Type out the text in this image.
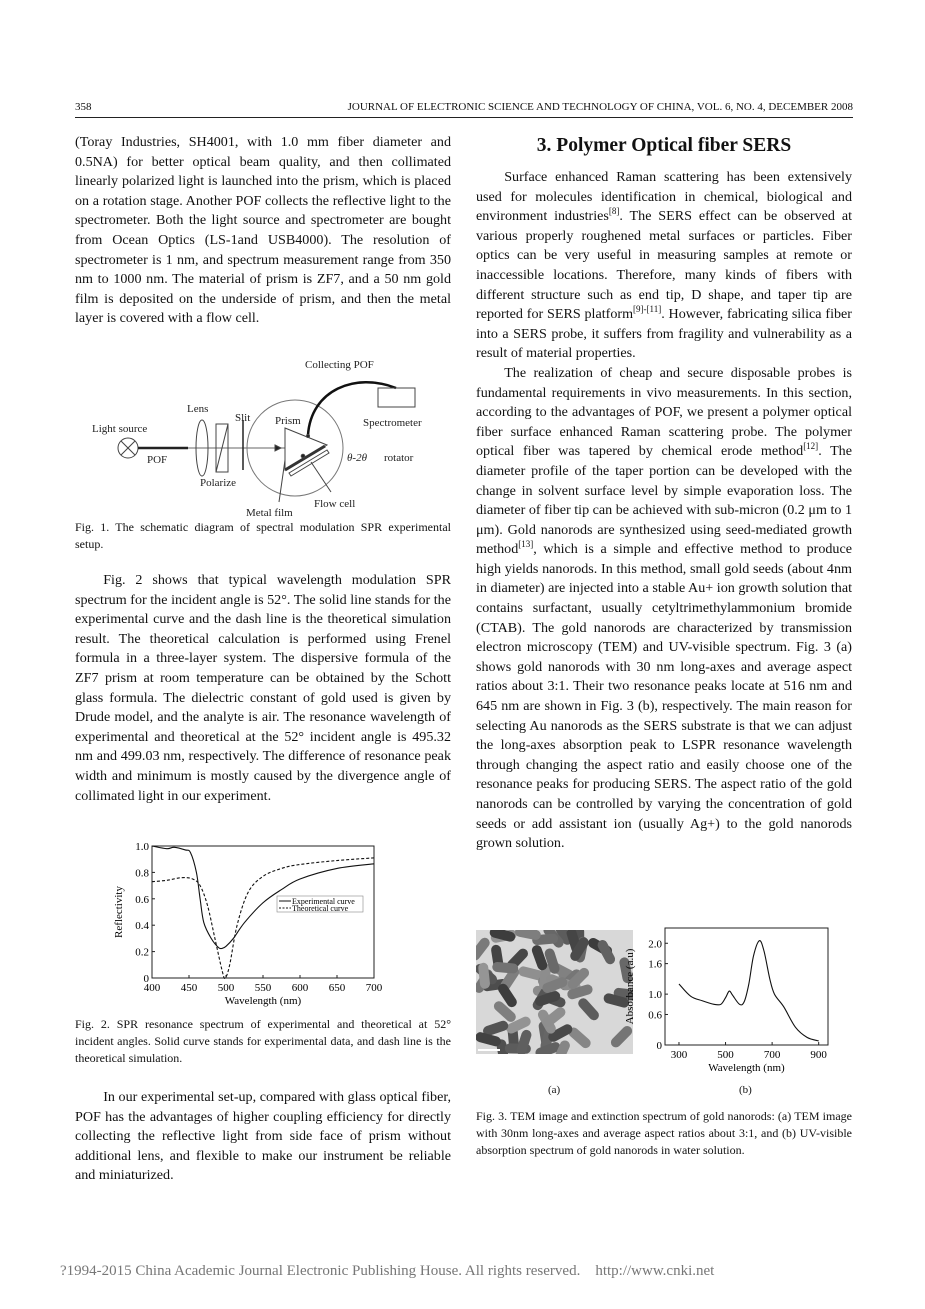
358	JOURNAL OF ELECTRONIC SCIENCE AND TECHNOLOGY OF CHINA, VOL. 6, NO. 4, DECEMBER 2008

(Toray Industries, SH4001, with 1.0 mm fiber diameter and 0.5NA) for better optical beam quality, and then collimated linearly polarized light is launched into the prism, which is placed on a rotation stage. Another POF collects the reflective light to the spectrometer. Both the light source and spectrometer are bought from Ocean Optics (LS-1and USB4000). The resolution of spectrometer is 1 nm, and spectrum measurement range from 350 nm to 1000 nm. The material of prism is ZF7, and a 50 nm gold film is deposited on the underside of prism, and then the metal layer is covered with a flow cell.

Collecting POF
Light source
POF
Lens
Slit Prism	Spectrometer
Polarize
θ-2θ rotator
Metal film
Flow cell
Fig. 1. The schematic diagram of spectral modulation SPR experimental setup.

Fig. 2 shows that typical wavelength modulation SPR spectrum for the incident angle is 52°. The solid line stands for the experimental curve and the dash line is the theoretical simulation result. The theoretical calculation is performed using Frenel formula in a three-layer system. The dispersive formula of the ZF7 prism at room temperature can be obtained by the Schott glass formula. The dielectric constant of gold used is given by Drude model, and the analyte is air. The resonance wavelength of experimental and theoretical at the 52° incident angle is 495.32 nm and 499.03 nm, respectively. The difference of resonance peak width and minimum is mostly caused by the divergence angle of collimated light in our experiment.

400 450 500 550 600 650 700
0
0.2
0.4
0.6
0.8
1.0
Wavelength (nm)
Reflectivity	Experimental curve
Theoretical curve
Fig. 2. SPR resonance spectrum of experimental and theoretical at 52° incident angles. Solid curve stands for experimental data, and dash line is the theoretical simulation.

In our experimental set-up, compared with glass optical fiber, POF has the advantages of higher coupling efficiency for directly collecting the reflective light from side face of prism without additional lens, and flexible to make our instrument be reliable and miniaturized.

3. Polymer Optical fiber SERS

Surface enhanced Raman scattering has been extensively used for molecules identification in chemical, biological and environment industries[8]. The SERS effect can be observed at various properly roughened metal surfaces or particles. Fiber optics can be very useful in measuring samples at remote or inaccessible locations. Therefore, many kinds of fibers with different structure such as end tip, D shape, and taper tip are reported for SERS platform[9]-[11]. However, fabricating silica fiber into a SERS probe, it suffers from fragility and vulnerability as a result of material properties.

The realization of cheap and secure disposable probes is fundamental requirements in vivo measurements. In this section, according to the advantages of POF, we present a polymer optical fiber surface enhanced Raman scattering probe. The polymer optical fiber was tapered by chemical erode method[12]. The diameter profile of the taper portion can be developed with the change in solvent surface level by simple evaporation loss. The diameter of fiber tip can be achieved with sub-micron (0.2 μm to 1 μm). Gold nanorods are synthesized using seed-mediated growth method[13], which is a simple and effective method to produce high yields nanorods. In this method, small gold seeds (about 4nm in diameter) are injected into a stable Au+ ion growth solution that contains surfactant, usually cetyltrimethylammonium bromide (CTAB). The gold nanorods are characterized by transmission electron microscopy (TEM) and UV-visible spectrum. Fig. 3 (a) shows gold nanorods with 30 nm long-axes and average aspect ratios about 3:1. Their two resonance peaks locate at 516 nm and 645 nm are shown in Fig. 3 (b), respectively. The main reason for selecting Au nanorods as the SERS substrate is that we can adjust the long-axes absorption peak to LSPR resonance wavelength through changing the aspect ratio and easily choose one of the resonance peaks for producing SERS. The aspect ratio of the gold nanorods can be controlled by varying the concentration of gold seeds or add assistant ion (usually Ag+) to the gold nanorods grown solution.

300	500	700	900
0
0.6
1.0
1.6
2.0
Wavelength (nm)
Absorbance (a.u)
(a)	(b)
Fig. 3. TEM image and extinction spectrum of gold nanorods: (a) TEM image with 30nm long-axes and average aspect ratios about 3:1, and (b) UV-visible absorption spectrum of gold nanorods in water solution.
?1994-2015 China Academic Journal Electronic Publishing House. All rights reserved.    http://www.cnki.net
